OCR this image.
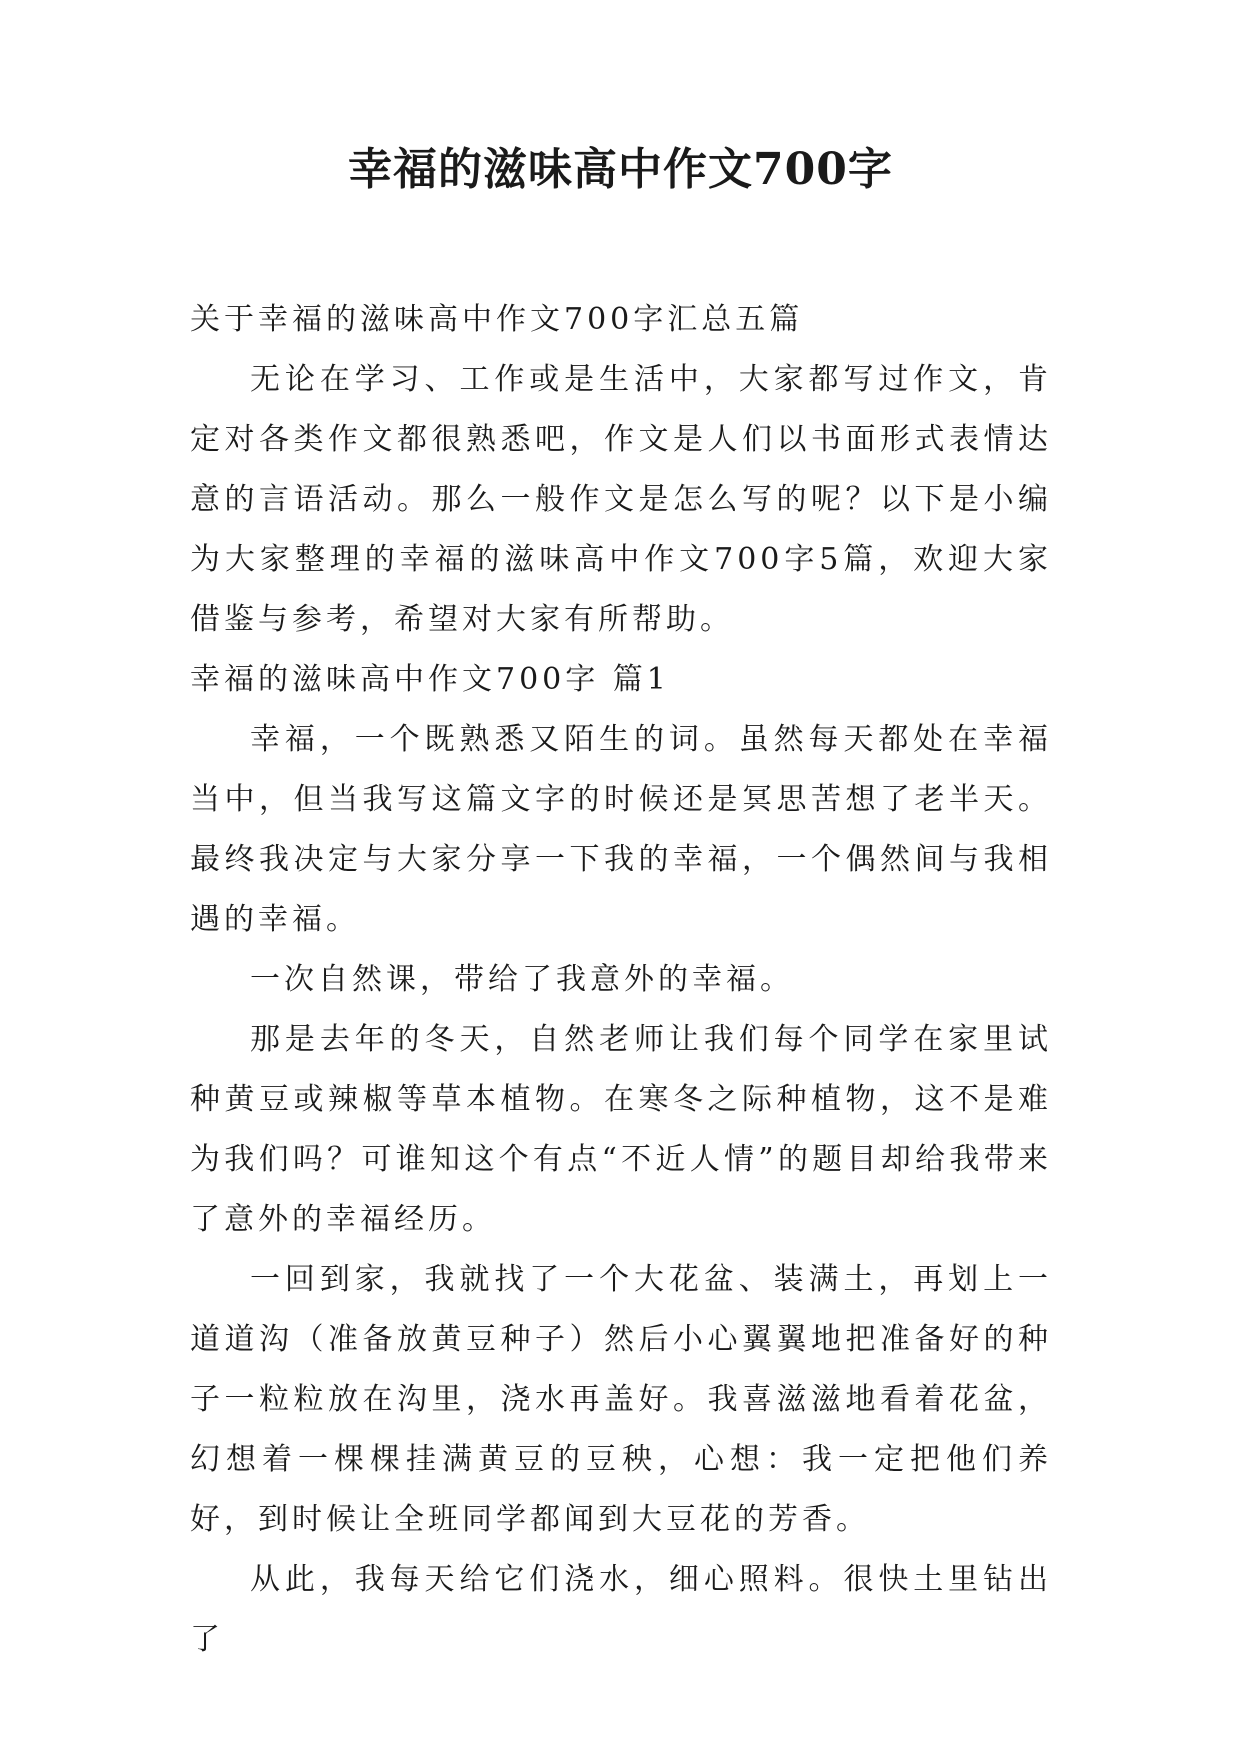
幸福的滋味高中作文700字

关于幸福的滋味高中作文700字汇总五篇

无论在学习、工作或是生活中，大家都写过作文，肯定对各类作文都很熟悉吧，作文是人们以书面形式表情达意的言语活动。那么一般作文是怎么写的呢？以下是小编为大家整理的幸福的滋味高中作文700字5篇，欢迎大家借鉴与参考，希望对大家有所帮助。

幸福的滋味高中作文700字 篇1

幸福，一个既熟悉又陌生的词。虽然每天都处在幸福当中，但当我写这篇文字的时候还是冥思苦想了老半天。最终我决定与大家分享一下我的幸福，一个偶然间与我相遇的幸福。

一次自然课，带给了我意外的幸福。

那是去年的冬天，自然老师让我们每个同学在家里试种黄豆或辣椒等草本植物。在寒冬之际种植物，这不是难为我们吗？可谁知这个有点“不近人情”的题目却给我带来了意外的幸福经历。

一回到家，我就找了一个大花盆、装满土，再划上一道道沟（准备放黄豆种子）然后小心翼翼地把准备好的种子一粒粒放在沟里，浇水再盖好。我喜滋滋地看着花盆，幻想着一棵棵挂满黄豆的豆秧，心想：我一定把他们养好，到时候让全班同学都闻到大豆花的芳香。

从此，我每天给它们浇水，细心照料。很快土里钻出了
